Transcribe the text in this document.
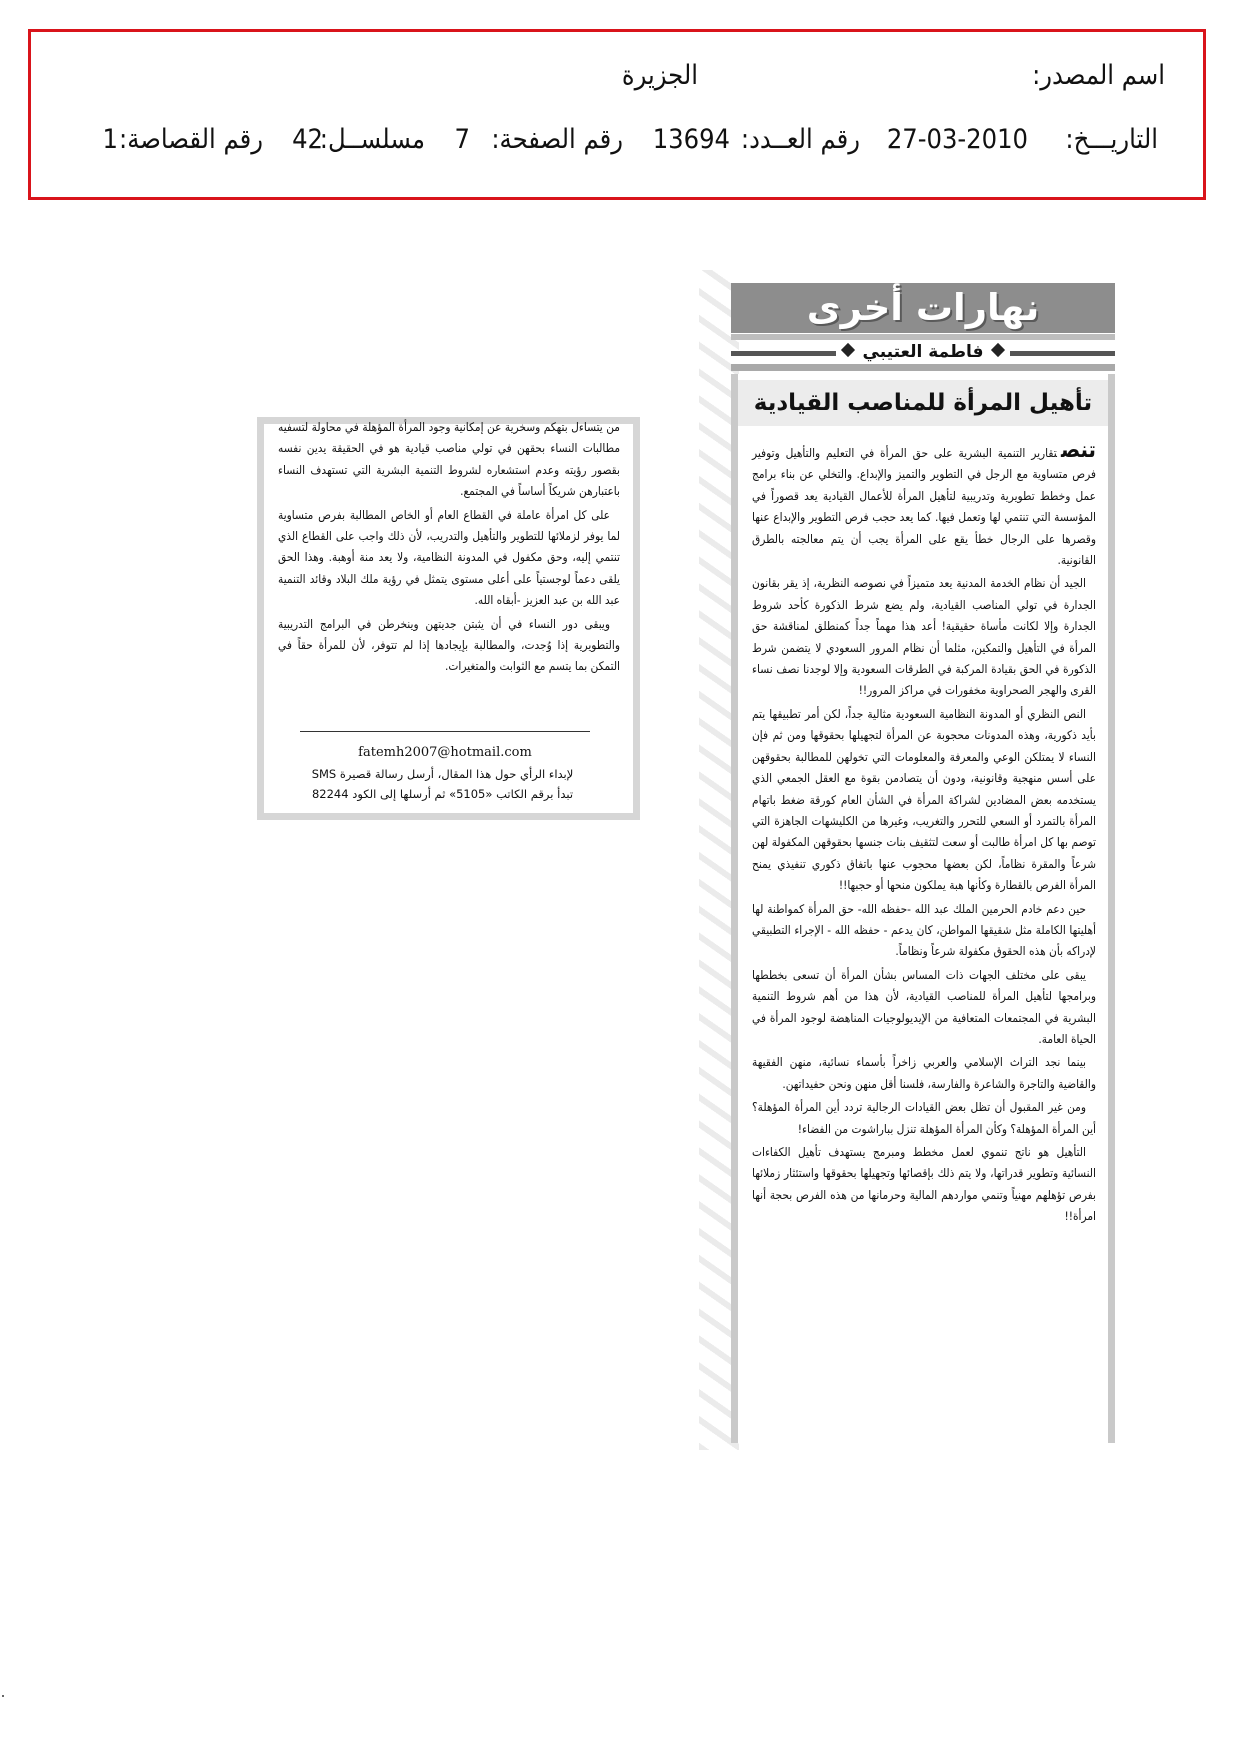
اسم المصدر:
الجزيرة
التاريـــخ:
27-03-2010
رقم العــدد:
13694
رقم الصفحة:
7
مسلســل:
42
رقم القصاصة:
1
نهارات أخرى
فاطمة العتيبي
تأهيل المرأة للمناصب القيادية

تنصتقارير التنمية البشرية على حق المرأة في التعليم والتأهيل وتوفير فرص متساوية مع الرجل في التطوير والتميز والإبداع. والتخلي عن بناء برامج عمل وخطط تطويرية وتدريبية لتأهيل المرأة للأعمال القيادية يعد قصوراً في المؤسسة التي تنتمي لها وتعمل فيها. كما يعد حجب فرص التطوير والإبداع عنها وقصرها على الرجال خطأ يقع على المرأة يجب أن يتم معالجته بالطرق القانونية.

الجيد أن نظام الخدمة المدنية يعد متميزاً في نصوصه النظرية، إذ يقر بقانون الجدارة في تولي المناصب القيادية، ولم يضع شرط الذكورة كأحد شروط الجدارة وإلا لكانت مأساة حقيقية! أعد هذا مهماً جداً كمنطلق لمناقشة حق المرأة في التأهيل والتمكين، مثلما أن نظام المرور السعودي لا يتضمن شرط الذكورة في الحق بقيادة المركبة في الطرقات السعودية وإلا لوجدنا نصف نساء القرى والهجر الصحراوية مخفورات في مراكز المرور!!

النص النظري أو المدونة النظامية السعودية مثالية جداً، لكن أمر تطبيقها يتم بأيد ذكورية، وهذه المدونات محجوبة عن المرأة لتجهيلها بحقوقها ومن ثم فإن النساء لا يمتلكن الوعي والمعرفة والمعلومات التي تخولهن للمطالبة بحقوقهن على أسس منهجية وقانونية، ودون أن يتصادمن بقوة مع العقل الجمعي الذي يستخدمه بعض المضادين لشراكة المرأة في الشأن العام كورقة ضغط باتهام المرأة بالتمرد أو السعي للتحرر والتغريب، وغيرها من الكليشهات الجاهزة التي توصم بها كل امرأة طالبت أو سعت لتثقيف بنات جنسها بحقوقهن المكفولة لهن شرعاً والمقرة نظاماً، لكن بعضها محجوب عنها باتفاق ذكوري تنفيذي يمنح المرأة الفرص بالقطارة وكأنها هبة يملكون منحها أو حجبها!!

حين دعم خادم الحرمين الملك عبد الله -حفظه الله- حق المرأة كمواطنة لها أهليتها الكاملة مثل شقيقها المواطن، كان يدعم - حفظه الله - الإجراء التطبيقي لإدراكه بأن هذه الحقوق مكفولة شرعاً ونظاماً.

يبقى على مختلف الجهات ذات المساس بشأن المرأة أن تسعى بخططها وبرامجها لتأهيل المرأة للمناصب القيادية، لأن هذا من أهم شروط التنمية البشرية في المجتمعات المتعافية من الإيديولوجيات المناهضة لوجود المرأة في الحياة العامة.

بينما نجد التراث الإسلامي والعربي زاخراً بأسماء نسائية، منهن الفقيهة والقاضية والتاجرة والشاعرة والفارسة، فلسنا أقل منهن ونحن حفيداتهن.

ومن غير المقبول أن تظل بعض القيادات الرجالية تردد أين المرأة المؤهلة؟ أين المرأة المؤهلة؟ وكأن المرأة المؤهلة تنزل بباراشوت من الفضاء!

التأهيل هو ناتج تنموي لعمل مخطط ومبرمج يستهدف تأهيل الكفاءات النسائية وتطوير قدراتها، ولا يتم ذلك بإقصائها وتجهيلها بحقوقها واستئثار زملائها بفرص تؤهلهم مهنياً وتنمي مواردهم المالية وحرمانها من هذه الفرص بحجة أنها امرأة!!

من يتساءل بتهكم وسخرية عن إمكانية وجود المرأة المؤهلة في محاولة لتسفيه مطالبات النساء بحقهن في تولي مناصب قيادية هو في الحقيقة يدين نفسه بقصور رؤيته وعدم استشعاره لشروط التنمية البشرية التي تستهدف النساء باعتبارهن شريكاً أساساً في المجتمع.

على كل امرأة عاملة في القطاع العام أو الخاص المطالبة بفرص متساوية لما يوفر لزملائها للتطوير والتأهيل والتدريب، لأن ذلك واجب على القطاع الذي تنتمي إليه، وحق مكفول في المدونة النظامية، ولا يعد منة أوهبة. وهذا الحق يلقى دعماً لوجستياً على أعلى مستوى يتمثل في رؤية ملك البلاد وقائد التنمية عبد الله بن عبد العزيز -أبقاه الله.

ويبقى دور النساء في أن يثبتن جديتهن وينخرطن في البرامج التدريبية والتطويرية إذا وُجدت، والمطالبة بإيجادها إذا لم تتوفر، لأن للمرأة حقاً في التمكن بما يتسم مع الثوابت والمتغيرات.

fatemh2007@hotmail.com
لإبداء الرأي حول هذا المقال، أرسل رسالة قصيرة SMS
تبدأ برقم الكاتب «5105» ثم أرسلها إلى الكود 82244
